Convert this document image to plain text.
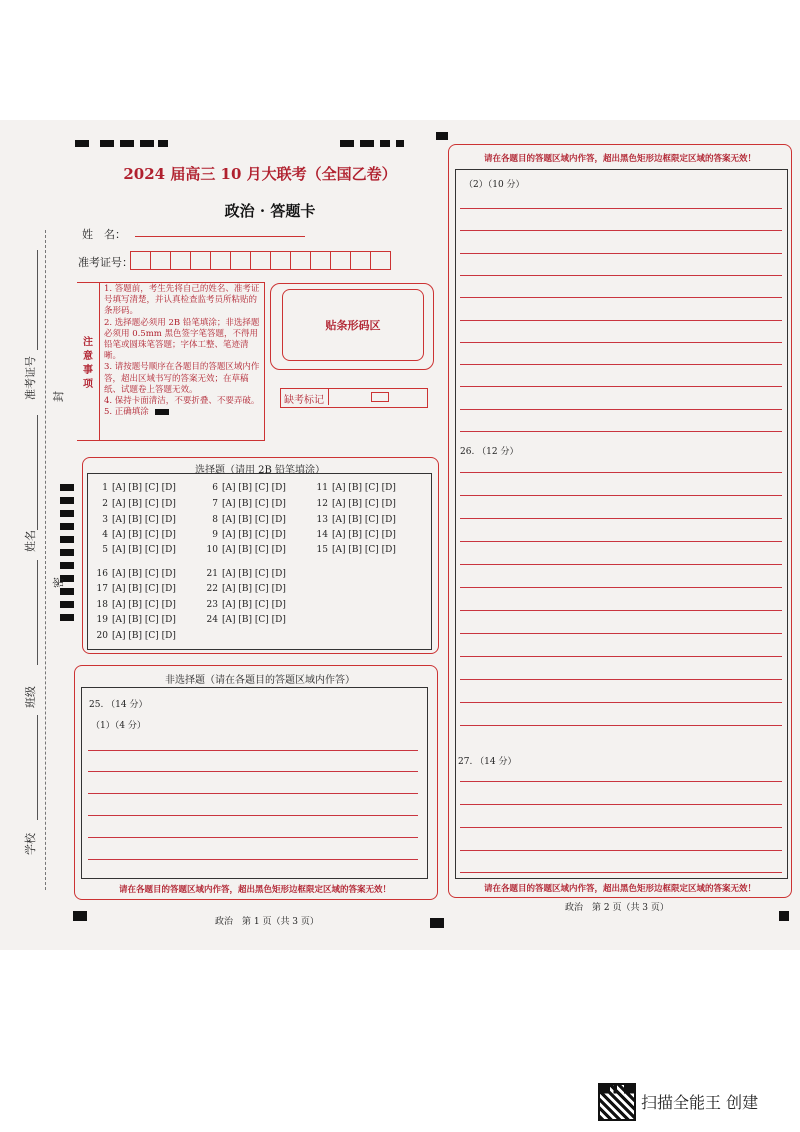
准考证号 封
姓名
密
班级
学校
2024 届高三 10 月大联考（全国乙卷）
政治 · 答题卡
姓　名：
准考证号：
注
意
事
项
1. 答题前，考生先将自己的姓名、准考证号填写清楚，并认真检查监考员所粘贴的条形码。
2. 选择题必须用 2B 铅笔填涂；非选择题必须用 0.5mm 黑色签字笔答题，不得用铅笔或圆珠笔答题；字体工整、笔迹清晰。
3. 请按题号顺序在各题目的答题区域内作答，超出区域书写的答案无效；在草稿纸、试题卷上答题无效。
4. 保持卡面清洁，不要折叠、不要弄破。
5. 正确填涂
贴条形码区
缺考标记
选择题（请用 2B 铅笔填涂）
1 [A] [B] [C] [D]
2 [A] [B] [C] [D]
3 [A] [B] [C] [D]
4 [A] [B] [C] [D]
5 [A] [B] [C] [D]
6 [A] [B] [C] [D]
7 [A] [B] [C] [D]
8 [A] [B] [C] [D]
9 [A] [B] [C] [D]
10 [A] [B] [C] [D]
11 [A] [B] [C] [D]
12 [A] [B] [C] [D]
13 [A] [B] [C] [D]
14 [A] [B] [C] [D]
15 [A] [B] [C] [D]
16 [A] [B] [C] [D]
17 [A] [B] [C] [D]
18 [A] [B] [C] [D]
19 [A] [B] [C] [D]
20 [A] [B] [C] [D]
21 [A] [B] [C] [D]
22 [A] [B] [C] [D]
23 [A] [B] [C] [D]
24 [A] [B] [C] [D]
非选择题（请在各题目的答题区域内作答）
25. （14 分）
（1）（4 分）
请在各题目的答题区域内作答，超出黑色矩形边框限定区域的答案无效！
请在各题目的答题区域内作答，超出黑色矩形边框限定区域的答案无效！
（2）（10 分）
26. （12 分）
27. （14 分）
请在各题目的答题区域内作答，超出黑色矩形边框限定区域的答案无效！
政治　第 1 页（共 3 页）
政治　第 2 页（共 3 页）
扫描全能王 创建
